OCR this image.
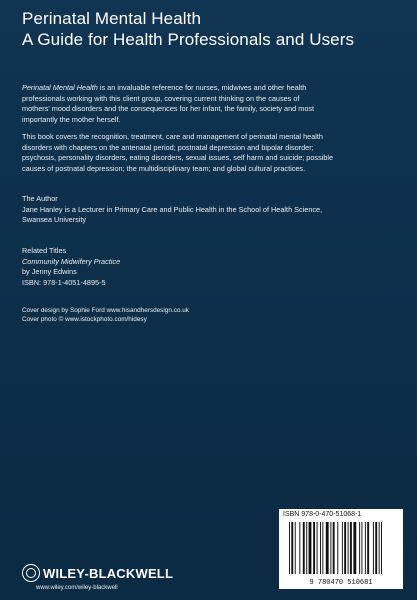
Perinatal Mental Health
A Guide for Health Professionals and Users
Perinatal Mental Health is an invaluable reference for nurses, midwives and other health
professionals working with this client group, covering current thinking on the causes of
mothers' mood disorders and the consequences for her infant, the family, society and most
importantly the mother herself.
This book covers the recognition, treatment, care and management of perinatal mental health
disorders with chapters on the antenatal period; postnatal depression and bipolar disorder;
psychosis, personality disorders, eating disorders, sexual issues, self harm and suicide; possible
causes of postnatal depression; the multidisciplinary team; and global cultural practices.
The Author
Jane Hanley is a Lecturer in Primary Care and Public Health in the School of Health Science,
Swansea University
Related Titles
Community Midwifery Practice
by Jenny Edwins
ISBN: 978-1-4051-4895-5
Cover design by Sophie Ford www.hisandhersdesign.co.uk
Cover photo © www.istockphoto.com/hidesy
ISBN 978-0-470-51068-1
9 780470 510681
WILEY-BLACKWELL
www.wiley.com/wiley-blackwell
